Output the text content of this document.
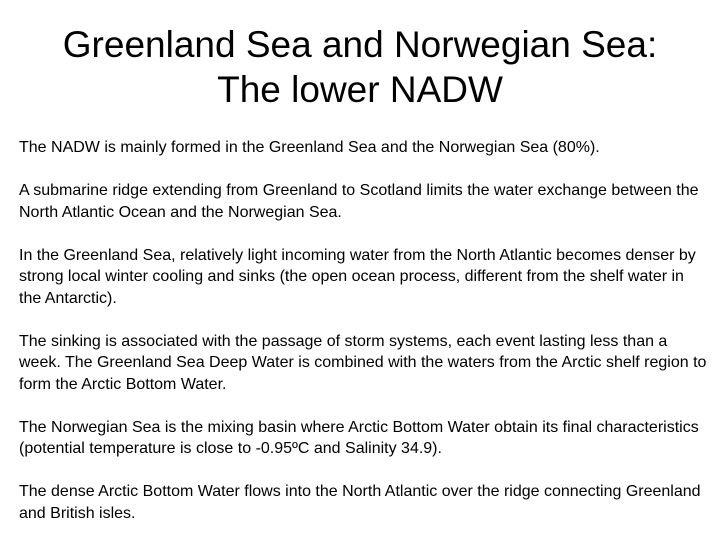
Greenland Sea and Norwegian Sea:
The lower NADW

The NADW is mainly formed in the Greenland Sea and the Norwegian Sea (80%).

A submarine ridge extending from Greenland to Scotland limits the water exchange between the North Atlantic Ocean and the Norwegian Sea.

In the Greenland Sea, relatively light incoming water from the North Atlantic becomes denser by strong local winter cooling and sinks (the open ocean process, different from the shelf water in the Antarctic).

The sinking is associated with the passage of storm systems, each event lasting less than a week. The Greenland Sea Deep Water is combined with the waters from the Arctic shelf region to form the Arctic Bottom Water.

The Norwegian Sea is the mixing basin where Arctic Bottom Water obtain its final characteristics (potential temperature is close to -0.95ºC and Salinity 34.9).

The dense Arctic Bottom Water flows into the North Atlantic over the ridge connecting Greenland and British isles.
